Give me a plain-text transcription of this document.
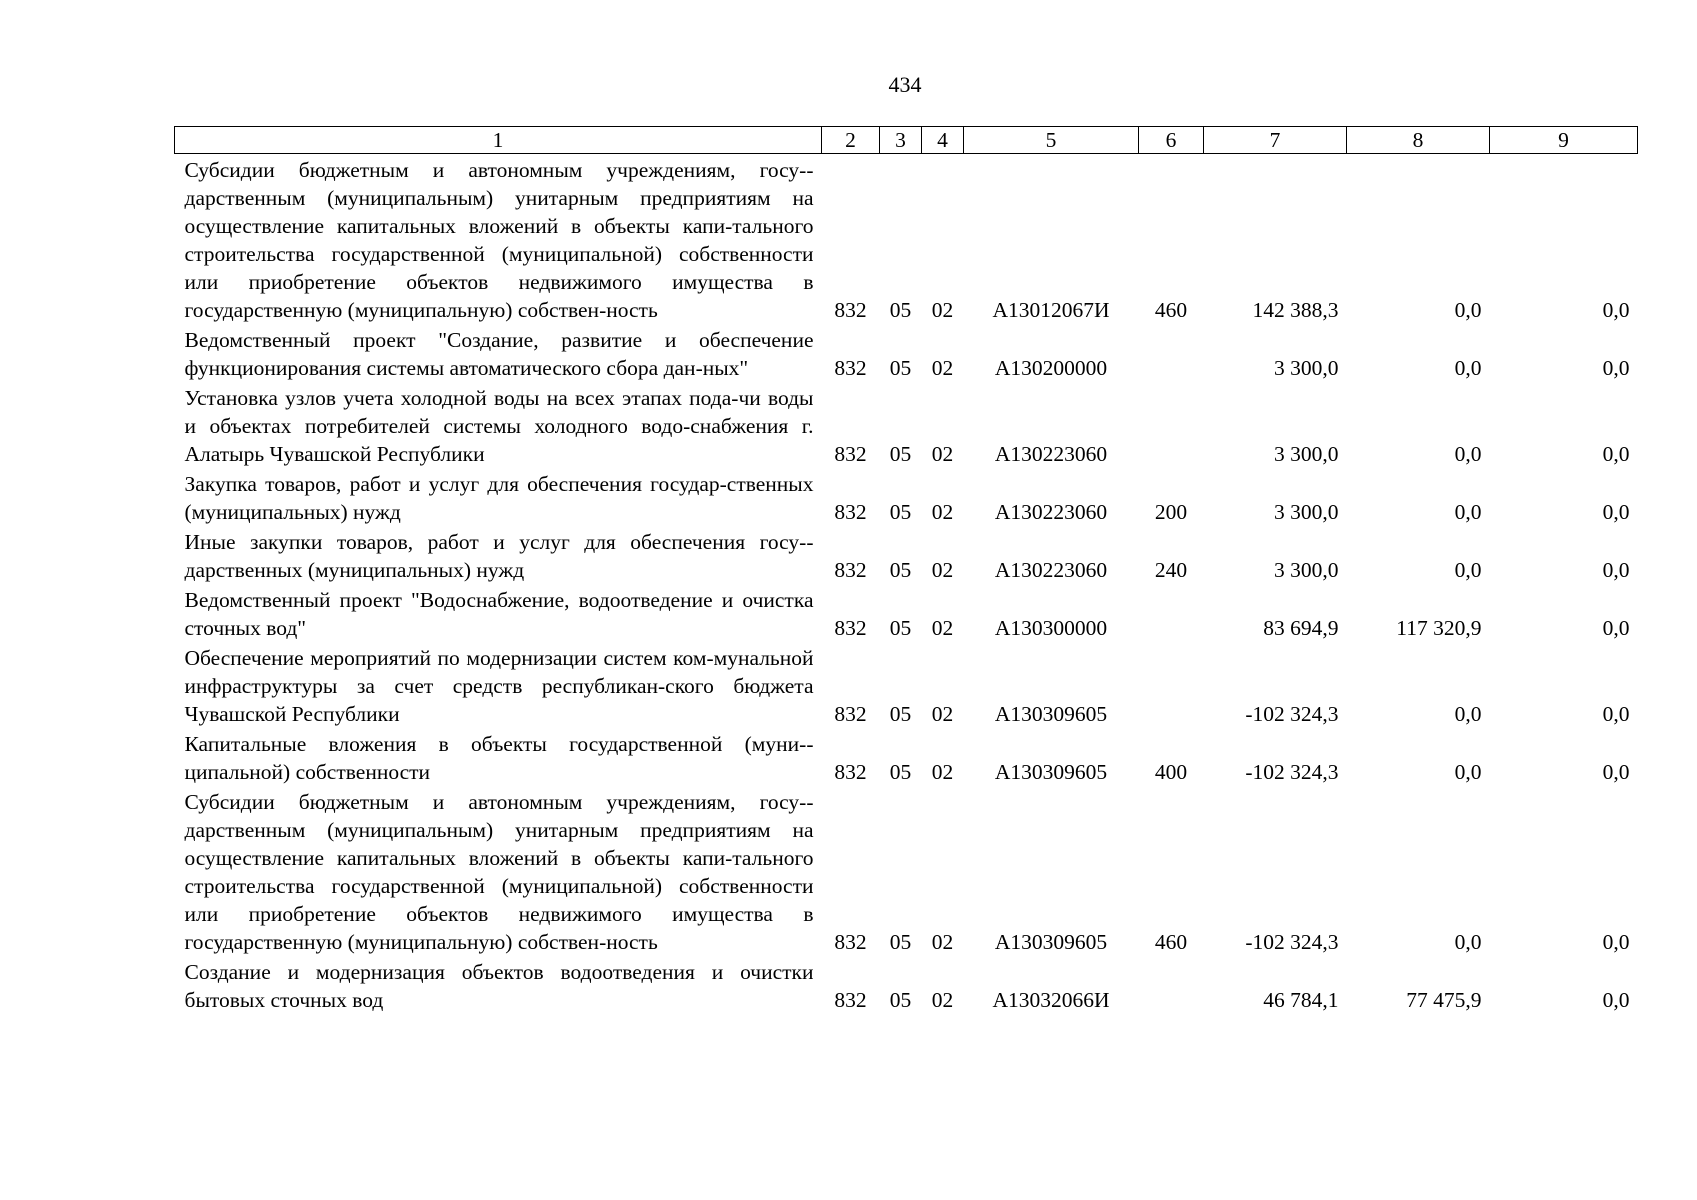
434
1	2	3	4	5	6	7	8	9
Субсидии бюджетным и автономным учреждениям, госу-дарственным (муниципальным) унитарным предприятиям на осуществление капитальных вложений в объекты капи-тального строительства государственной (муниципальной) собственности или приобретение объектов недвижимого имущества в государственную (муниципальную) собствен-ность	832	05	02	А13012067И	460	142 388,3	0,0	0,0
Ведомственный проект "Создание, развитие и обеспечение функционирования системы автоматического сбора дан-ных"	832	05	02	А130200000		3 300,0	0,0	0,0
Установка узлов учета холодной воды на всех этапах пода-чи воды и объектах потребителей системы холодного водо-снабжения г. Алатырь Чувашской Республики	832	05	02	А130223060		3 300,0	0,0	0,0
Закупка товаров, работ и услуг для обеспечения государ-ственных (муниципальных) нужд	832	05	02	А130223060	200	3 300,0	0,0	0,0
Иные закупки товаров, работ и услуг для обеспечения госу-дарственных (муниципальных) нужд	832	05	02	А130223060	240	3 300,0	0,0	0,0
Ведомственный проект "Водоснабжение, водоотведение и очистка сточных вод"	832	05	02	А130300000		83 694,9	117 320,9	0,0
Обеспечение мероприятий по модернизации систем ком-мунальной инфраструктуры за счет средств республикан-ского бюджета Чувашской Республики	832	05	02	А130309605		-102 324,3	0,0	0,0
Капитальные вложения в объекты государственной (муни-ципальной) собственности	832	05	02	А130309605	400	-102 324,3	0,0	0,0
Субсидии бюджетным и автономным учреждениям, госу-дарственным (муниципальным) унитарным предприятиям на осуществление капитальных вложений в объекты капи-тального строительства государственной (муниципальной) собственности или приобретение объектов недвижимого имущества в государственную (муниципальную) собствен-ность	832	05	02	А130309605	460	-102 324,3	0,0	0,0
Создание и модернизация объектов водоотведения и очистки бытовых сточных вод	832	05	02	А13032066И		46 784,1	77 475,9	0,0
